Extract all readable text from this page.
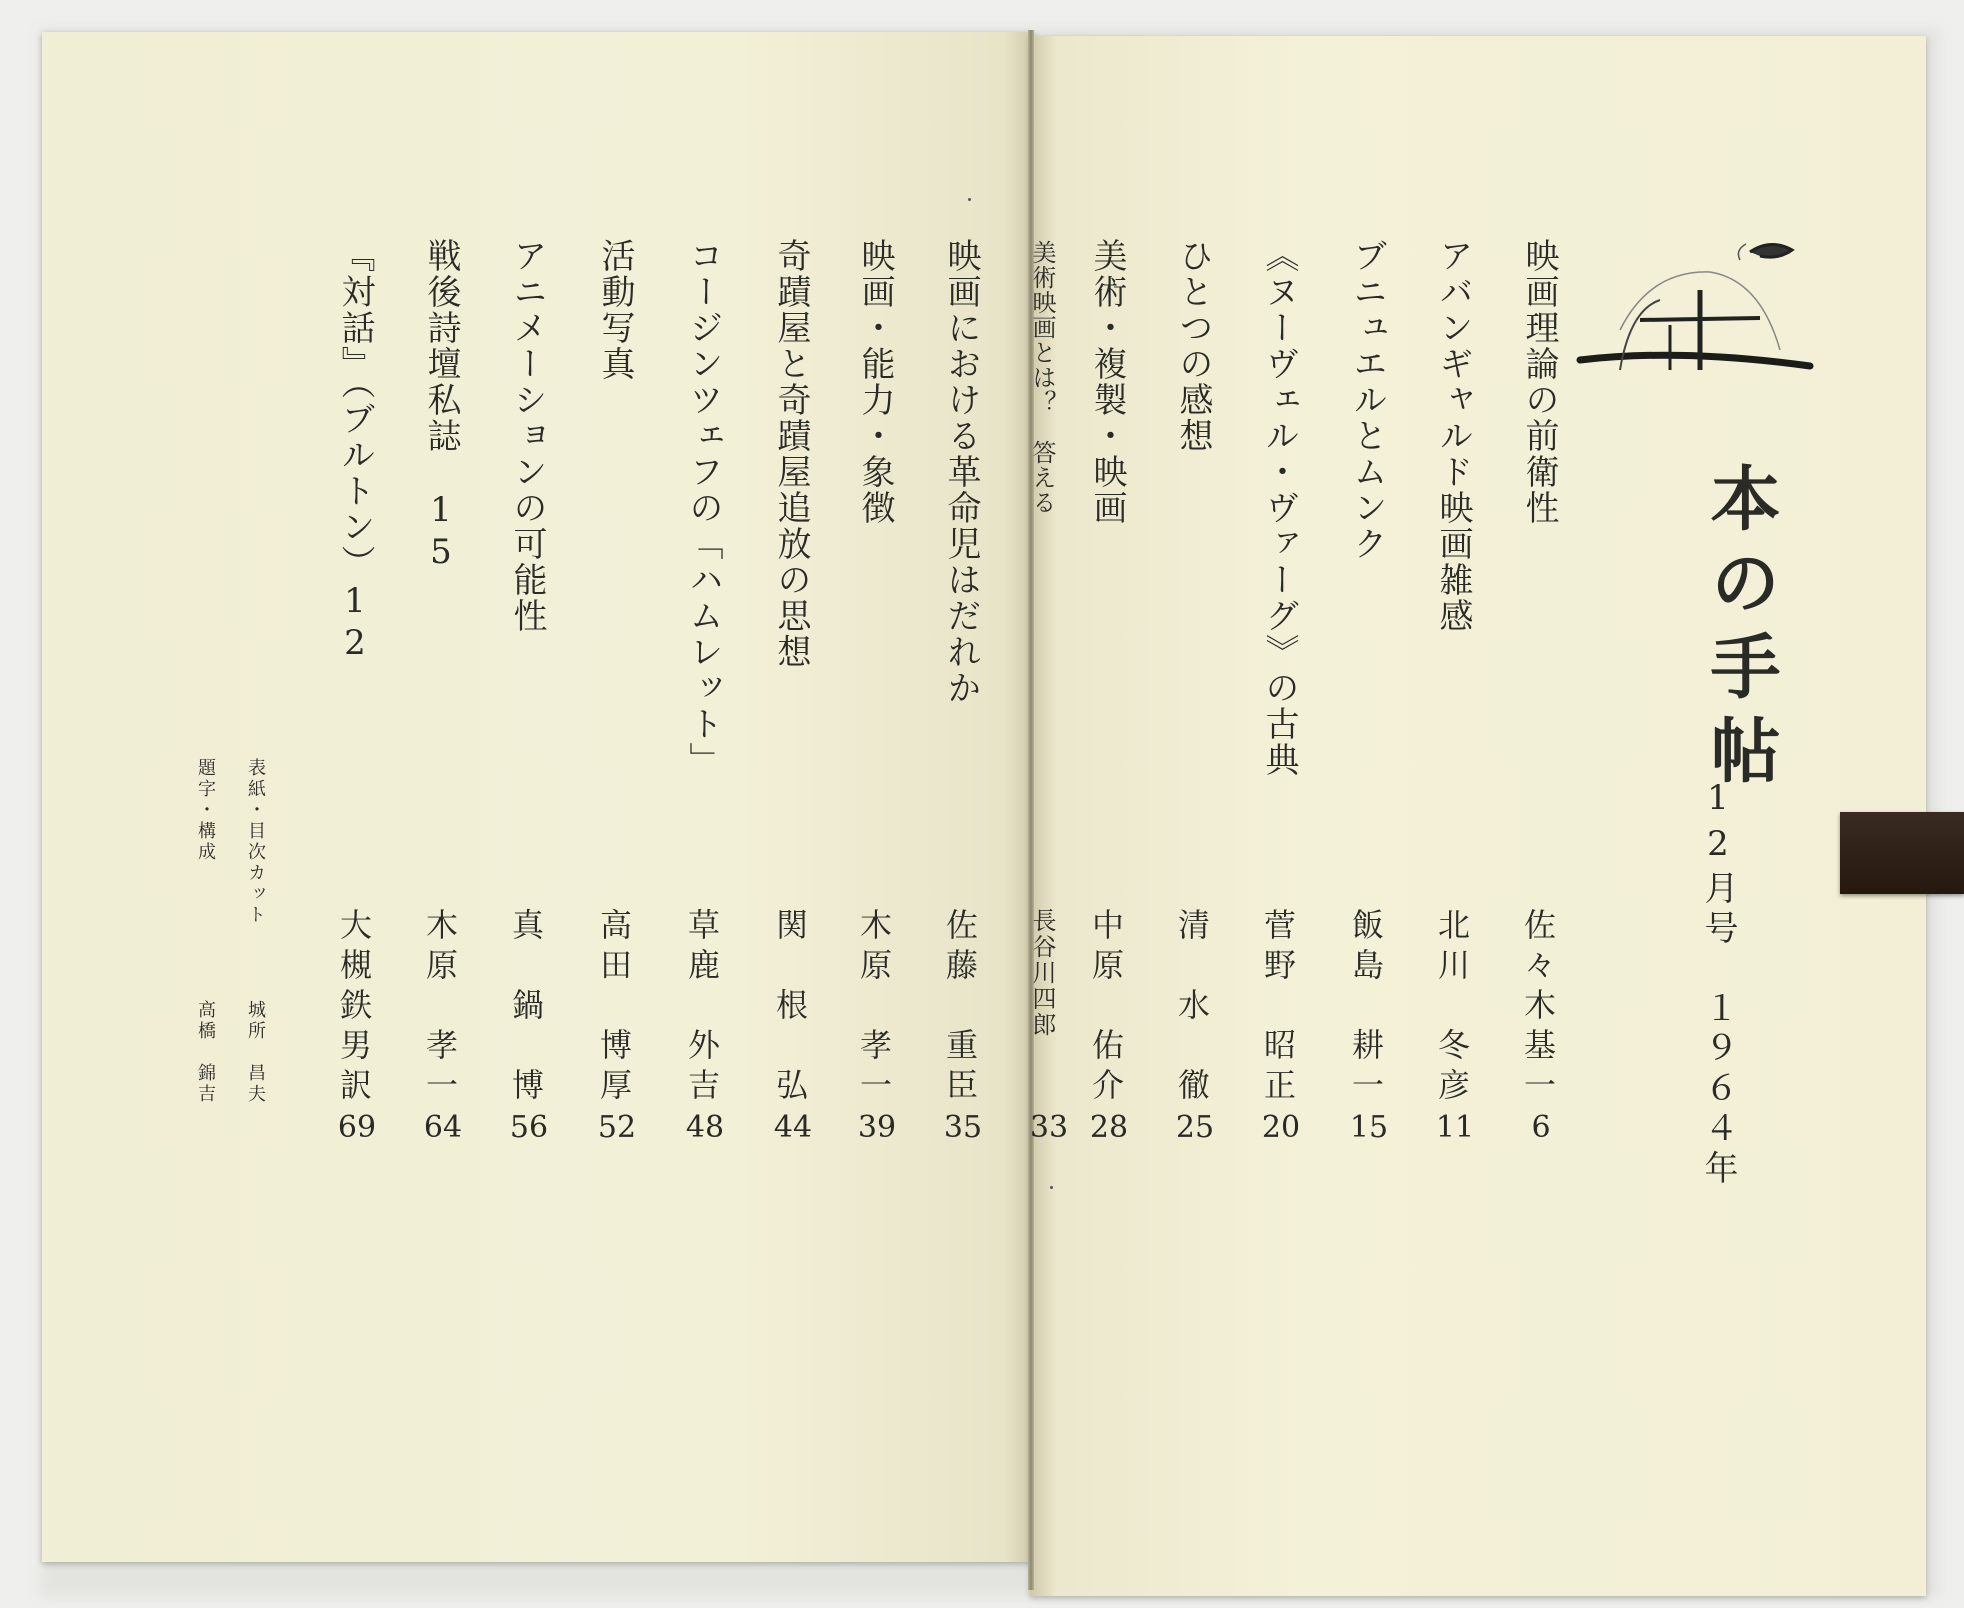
本の手帖
12月号　１９６４年
映画理論の前衛性
佐々木基一
6
アバンギャルド映画雑感
北川　冬彦
11
ブニュエルとムンク
飯島　耕一
15
《ヌーヴェル・ヴァーグ》の古典
菅野　昭正
20
ひとつの感想
清　水　徹
25
美術・複製・映画
中原　佑介
28
美術映画とは？　答える
長谷川四郎
33
映画における革命児はだれか
佐藤　重臣
35
映画・能力・象徴
木原　孝一
39
奇蹟屋と奇蹟屋追放の思想
関　根　弘
44
コージンツェフの「ハムレット」
草鹿　外吉
48
活動写真
高田　博厚
52
アニメーションの可能性
真　鍋　博
56
戦後詩壇私誌　15
木原　孝一
64
『対話』（ブルトン）12
大槻鉄男訳
69
表紙・目次カット
城所　昌夫
題字・構成
高橋　錦吉
